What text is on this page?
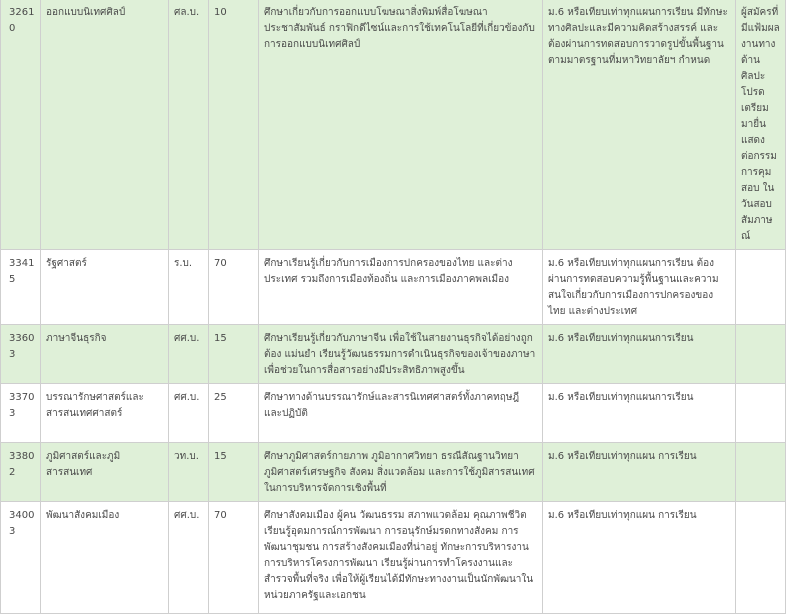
32610	ออกแบบนิเทศศิลป์	ศล.บ.	10	ศึกษาเกี่ยวกับการออกแบบโฆษณาสิ่งพิมพ์สื่อโฆษณา ประชาสัมพันธ์ กราฟิกดีไซน์และการใช้เทคโนโลยีที่เกี่ยวข้องกับการออกแบบนิเทศศิลป์	ม.6 หรือเทียบเท่าทุกแผนการเรียน มีทักษะทางศิลปะและมีความคิดสร้างสรรค์ และต้องผ่านการทดสอบการวาดรูปขั้นพื้นฐานตามมาตรฐานที่มหาวิทยาลัยฯ กำหนด	ผู้สมัครที่มีแฟ้มผลงานทางด้านศิลปะ โปรดเตรียมมายื่นแสดงต่อกรรมการคุมสอบ ในวันสอบสัมภาษณ์
33415	รัฐศาสตร์	ร.บ.	70	ศึกษาเรียนรู้เกี่ยวกับการเมืองการปกครองของไทย และต่างประเทศ รวมถึงการเมืองท้องถิ่น และการเมืองภาคพลเมือง	ม.6 หรือเทียบเท่าทุกแผนการเรียน ต้องผ่านการทดสอบความรู้พื้นฐานและความสนใจเกี่ยวกับการเมืองการปกครองของไทย และต่างประเทศ	
33603	ภาษาจีนธุรกิจ	ศศ.บ.	15	ศึกษาเรียนรู้เกี่ยวกับภาษาจีน เพื่อใช้ในสายงานธุรกิจได้อย่างถูกต้อง แม่นยำ เรียนรู้วัฒนธรรมการดำเนินธุรกิจของเจ้าของภาษาเพื่อช่วยในการสื่อสารอย่างมีประสิทธิภาพสูงขึ้น	ม.6 หรือเทียบเท่าทุกแผนการเรียน	
33703	บรรณารักษศาสตร์และสารสนเทศศาสตร์	ศศ.บ.	25	ศึกษาทางด้านบรรณารักษ์และสารนิเทศศาสตร์ทั้งภาคทฤษฎีและปฏิบัติ	ม.6 หรือเทียบเท่าทุกแผนการเรียน	
33802	ภูมิศาสตร์และภูมิสารสนเทศ	วท.บ.	15	ศึกษาภูมิศาสตร์กายภาพ ภูมิอากาศวิทยา ธรณีสัณฐานวิทยา ภูมิศาสตร์เศรษฐกิจ สังคม สิ่งแวดล้อม และการใช้ภูมิสารสนเทศในการบริหารจัดการเชิงพื้นที่	ม.6 หรือเทียบเท่าทุกแผน การเรียน	
34003	พัฒนาสังคมเมือง	ศศ.บ.	70	ศึกษาสังคมเมือง ผู้คน วัฒนธรรม สภาพแวดล้อม คุณภาพชีวิต เรียนรู้อุดมการณ์การพัฒนา การอนุรักษ์มรดกทางสังคม การพัฒนาชุมชน การสร้างสังคมเมืองที่น่าอยู่ ทักษะการบริหารงาน การบริหารโครงการพัฒนา เรียนรู้ผ่านการทำโครงงานและสำรวจพื้นที่จริง เพื่อให้ผู้เรียนได้มีทักษะทางงานเป็นนักพัฒนาในหน่วยภาครัฐและเอกชน	ม.6 หรือเทียบเท่าทุกแผน การเรียน	
